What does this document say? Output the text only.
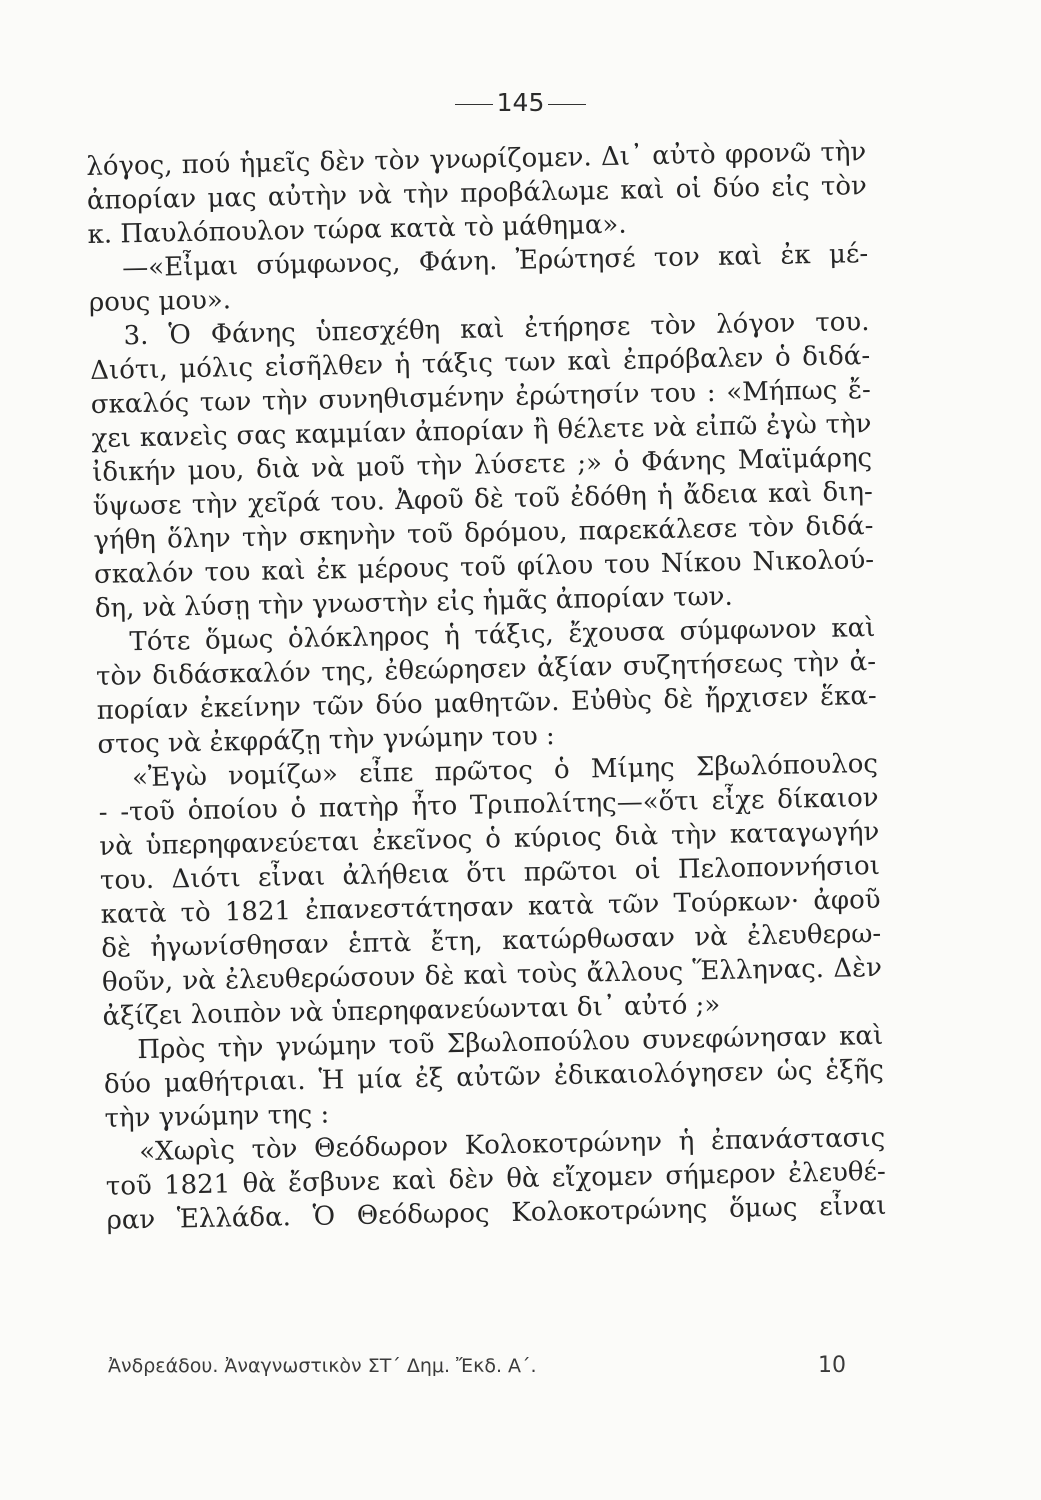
145
λόγος, πού ἡμεῖς δὲν τὸν γνωρίζομεν. Δι᾽ αὐτὸ φρονῶ τὴν
ἀπορίαν μας αὐτὴν νὰ τὴν προβάλωμε καὶ οἱ δύο εἰς τὸν
κ. Παυλόπουλον τώρα κατὰ τὸ μάθημα».
—«Εἶμαι σύμφωνος, Φάνη. Ἐρώτησέ τον καὶ ἐκ μέ-
ρους μου».
3. Ὁ Φάνης ὑπεσχέθη καὶ ἐτήρησε τὸν λόγον του.
Διότι, μόλις εἰσῆλθεν ἡ τάξις των καὶ ἐπρόβαλεν ὁ διδά-
σκαλός των τὴν συνηθισμένην ἐρώτησίν του : «Μήπως ἔ-
χει κανεὶς σας καμμίαν ἀπορίαν ἢ θέλετε νὰ εἰπῶ ἐγὼ τὴν
ἰδικήν μου, διὰ νὰ μοῦ τὴν λύσετε ;» ὁ Φάνης Μαϊμάρης
ὕψωσε τὴν χεῖρά του. Ἀφοῦ δὲ τοῦ ἐδόθη ἡ ἄδεια καὶ διη-
γήθη ὅλην τὴν σκηνὴν τοῦ δρόμου, παρεκάλεσε τὸν διδά-
σκαλόν του καὶ ἐκ μέρους τοῦ φίλου του Νίκου Νικολού-
δη, νὰ λύσῃ τὴν γνωστὴν εἰς ἡμᾶς ἀπορίαν των.
Τότε ὅμως ὁλόκληρος ἡ τάξις, ἔχουσα σύμφωνον καὶ
τὸν διδάσκαλόν της, ἐθεώρησεν ἀξίαν συζητήσεως τὴν ἀ-
πορίαν ἐκείνην τῶν δύο μαθητῶν. Εὐθὺς δὲ ἤρχισεν ἕκα-
στος νὰ ἐκφράζῃ τὴν γνώμην του :
«Ἐγὼ νομίζω» εἶπε πρῶτος ὁ Μίμης Σβωλόπουλος
- -τοῦ ὁποίου ὁ πατὴρ ἦτο Τριπολίτης—«ὅτι εἶχε δίκαιον
νὰ ὑπερηφανεύεται ἐκεῖνος ὁ κύριος διὰ τὴν καταγωγήν
του. Διότι εἶναι ἀλήθεια ὅτι πρῶτοι οἱ Πελοποννήσιοι
κατὰ τὸ 1821 ἐπανεστάτησαν κατὰ τῶν Τούρκων· ἀφοῦ
δὲ ἠγωνίσθησαν ἑπτὰ ἔτη, κατώρθωσαν νὰ ἐλευθερω-
θοῦν, νὰ ἐλευθερώσουν δὲ καὶ τοὺς ἄλλους Ἕλληνας. Δὲν
ἀξίζει λοιπὸν νὰ ὑπερηφανεύωνται δι᾽ αὐτό ;»
Πρὸς τὴν γνώμην τοῦ Σβωλοπούλου συνεφώνησαν καὶ
δύο μαθήτριαι. Ἡ μία ἐξ αὐτῶν ἐδικαιολόγησεν ὡς ἑξῆς
τὴν γνώμην της :
«Χωρὶς τὸν Θεόδωρον Κολοκοτρώνην ἡ ἐπανάστασις
τοῦ 1821 θὰ ἔσβυνε καὶ δὲν θὰ εἴχομεν σήμερον ἐλευθέ-
ραν Ἑλλάδα. Ὁ Θεόδωρος Κολοκοτρώνης ὅμως εἶναι
Ἀνδρεάδου. Ἀναγνωστικὸν ΣΤ΄ Δημ. Ἔκδ. Α΄.	10
